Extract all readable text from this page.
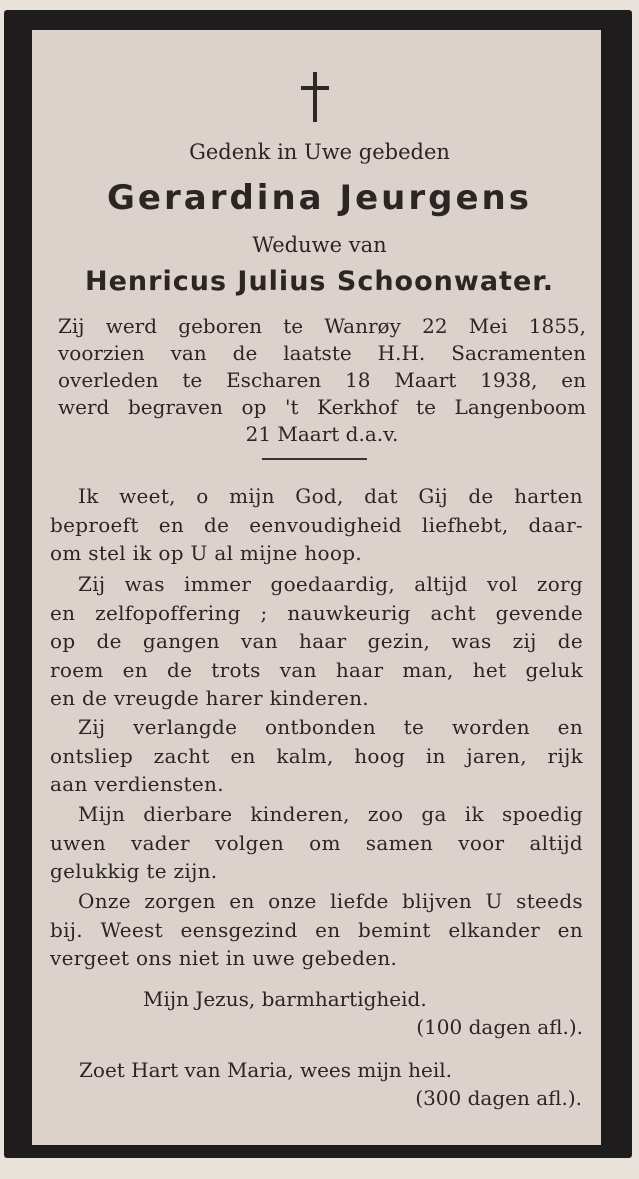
Gedenk in Uwe gebeden
Gerardina Jeurgens
Weduwe van
Henricus Julius Schoonwater.
Zij werd geboren te Wanrøy 22 Mei 1855,
voorzien van de laatste H.H. Sacramenten
overleden te Escharen 18 Maart 1938, en
werd begraven op 't Kerkhof te Langenboom
21 Maart d.a.v.
Ik weet, o mijn God, dat Gij de harten
beproeft en de eenvoudigheid liefhebt, daar-
om stel ik op U al mijne hoop.
Zij was immer goedaardig, altijd vol zorg
en zelfopoffering ; nauwkeurig acht gevende
op de gangen van haar gezin, was zij de
roem en de trots van haar man, het geluk
en de vreugde harer kinderen.
Zij verlangde ontbonden te worden en
ontsliep zacht en kalm, hoog in jaren, rijk
aan verdiensten.
Mijn dierbare kinderen, zoo ga ik spoedig
uwen vader volgen om samen voor altijd
gelukkig te zijn.
Onze zorgen en onze liefde blijven U steeds
bij. Weest eensgezind en bemint elkander en
vergeet ons niet in uwe gebeden.
Mijn Jezus, barmhartigheid.
(100 dagen afl.).
Zoet Hart van Maria, wees mijn heil.
(300 dagen afl.).
